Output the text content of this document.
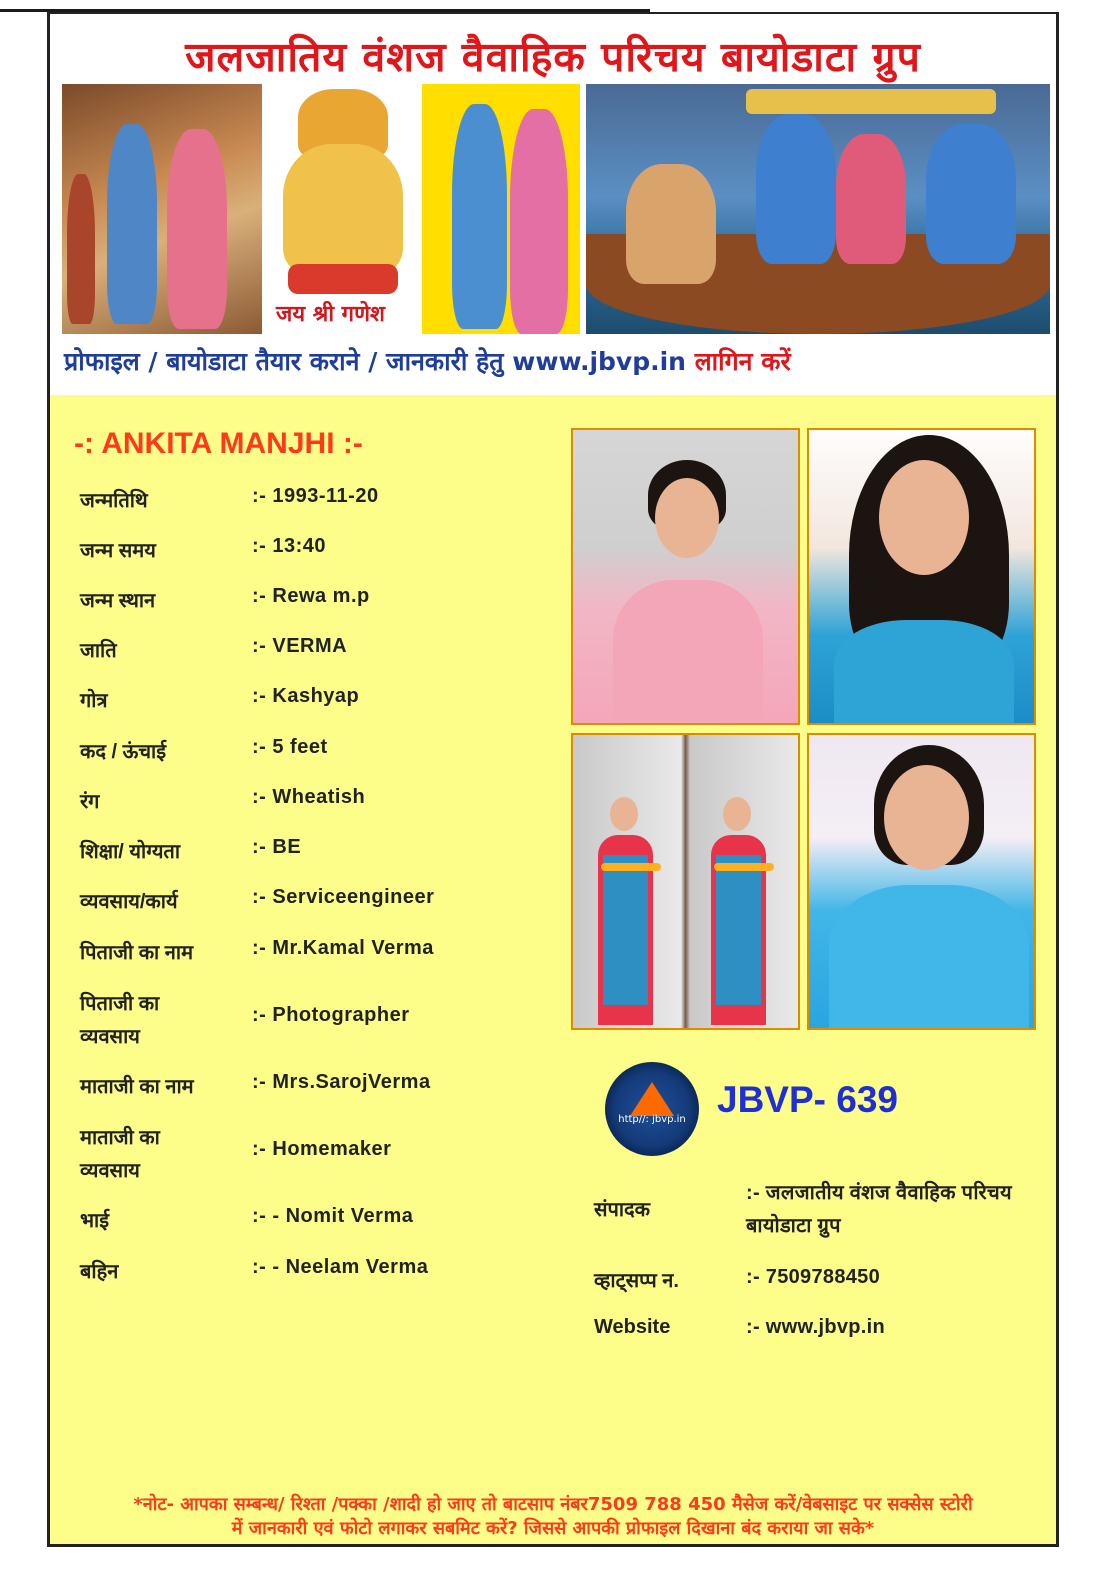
जलजातिय वंशज वैवाहिक परिचय बायोडाटा ग्रुप
जय श्री गणेश
प्रोफाइल / बायोडाटा तैयार कराने / जानकारी हेतु www.jbvp.in लागिन करें
-: ANKITA MANJHI :-
जन्मतिथि	:- 1993-11-20
जन्म समय	:- 13:40
जन्म स्थान	:- Rewa m.p
जाति	:- VERMA
गोत्र	:- Kashyap
कद / ऊंचाई	:- 5 feet
रंग	:- Wheatish
शिक्षा/ योग्यता	:- BE
व्यवसाय/कार्य	:- Serviceengineer
पिताजी का नाम	:- Mr.Kamal Verma
पिताजी का व्यवसाय
:- Photographer
माताजी का नाम	:- Mrs.SarojVerma
माताजी का व्यवसाय
:- Homemaker
भाई	:- - Nomit Verma
बहिन	:- - Neelam Verma
http//: jbvp.in JBVP- 639
संपादक
:- जलजातीय वंशज वैवाहिक परिचय बायोडाटा ग्रुप
व्हाट्सप्प न.	:- 7509788450
Website	:- www.jbvp.in
*नोट- आपका सम्बन्ध/ रिश्ता /पक्का /शादी हो जाए तो बाटसाप नंबर7509 788 450 मैसेज करें/वेबसाइट पर सक्सेस स्टोरी
में जानकारी एवं फोटो लगाकर सबमिट करें? जिससे आपकी प्रोफाइल दिखाना बंद कराया जा सके*
